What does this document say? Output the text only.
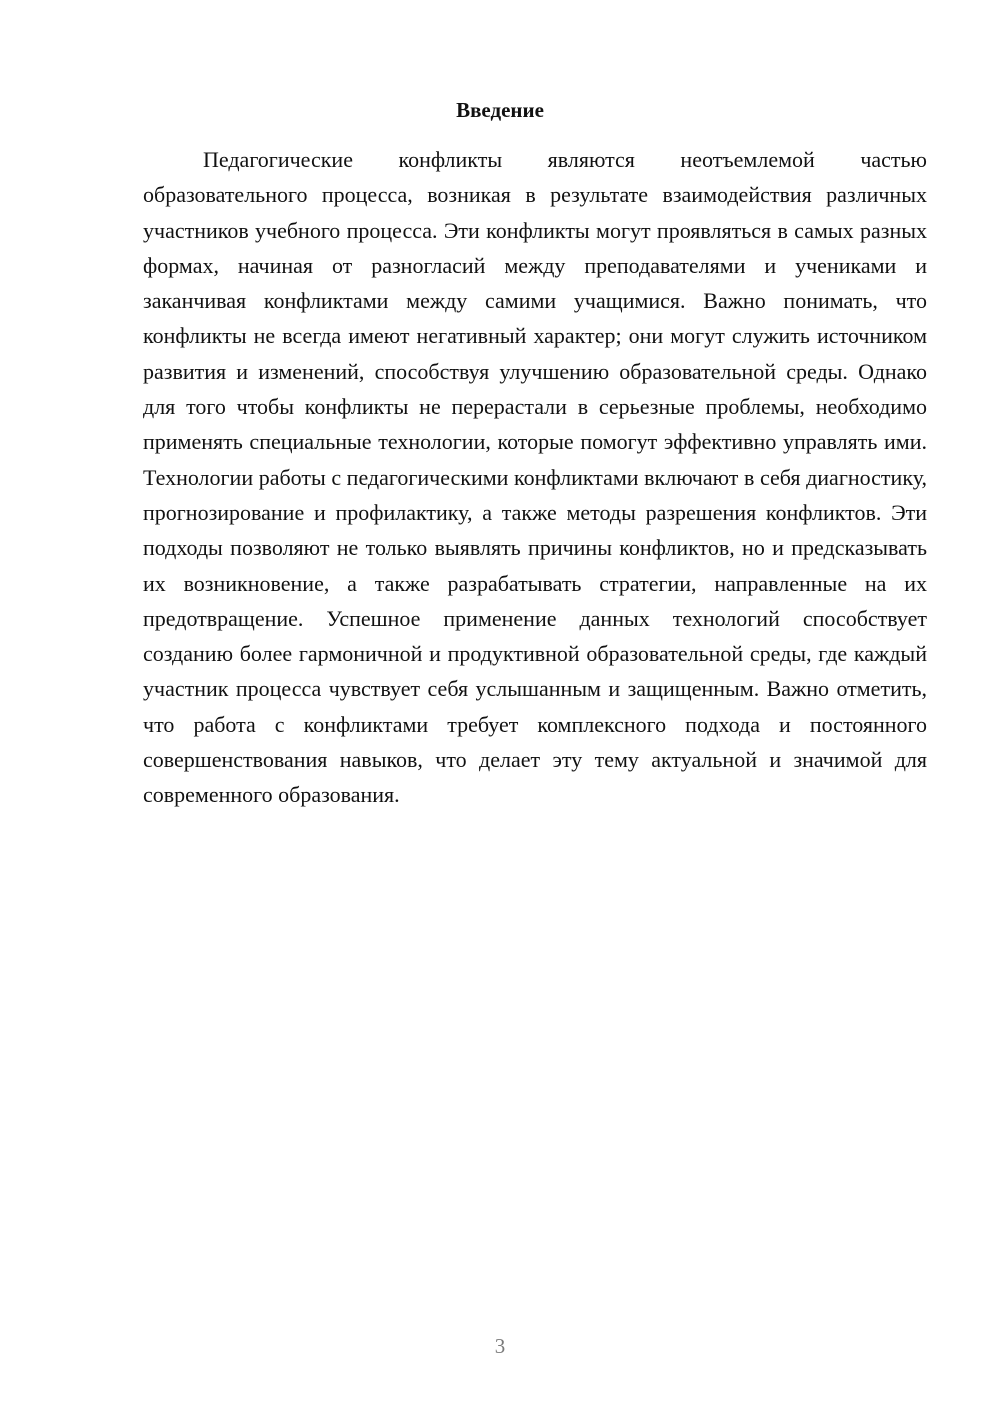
Введение

Педагогические конфликты являются неотъемлемой частью образовательного процесса, возникая в результате взаимодействия различных участников учебного процесса. Эти конфликты могут проявляться в самых разных формах, начиная от разногласий между преподавателями и учениками и заканчивая конфликтами между самими учащимися. Важно понимать, что конфликты не всегда имеют негативный характер; они могут служить источником развития и изменений, способствуя улучшению образовательной среды. Однако для того чтобы конфликты не перерастали в серьезные проблемы, необходимо применять специальные технологии, которые помогут эффективно управлять ими. Технологии работы с педагогическими конфликтами включают в себя диагностику, прогнозирование и профилактику, а также методы разрешения конфликтов. Эти подходы позволяют не только выявлять причины конфликтов, но и предсказывать их возникновение, а также разрабатывать стратегии, направленные на их предотвращение. Успешное применение данных технологий способствует созданию более гармоничной и продуктивной образовательной среды, где каждый участник процесса чувствует себя услышанным и защищенным. Важно отметить, что работа с конфликтами требует комплексного подхода и постоянного совершенствования навыков, что делает эту тему актуальной и значимой для современного образования.

3
